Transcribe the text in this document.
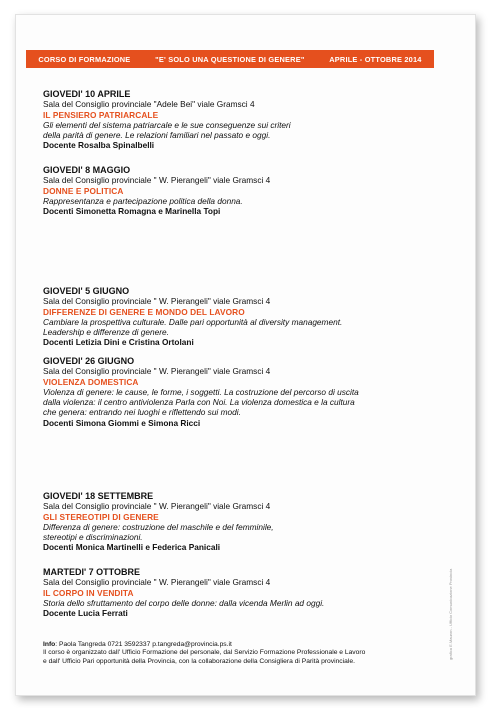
CORSO DI FORMAZIONE	"E' SOLO UNA QUESTIONE DI GENERE"	APRILE - OTTOBRE 2014
GIOVEDI' 10 APRILE
Sala del Consiglio provinciale "Adele Bei" viale Gramsci 4
IL PENSIERO PATRIARCALE
Gli elementi del sistema patriarcale e le sue conseguenze sui criteri
della parità di genere. Le relazioni familiari nel passato e oggi.
Docente Rosalba Spinalbelli
GIOVEDI' 8 MAGGIO
Sala del Consiglio provinciale " W. Pierangeli" viale Gramsci 4
DONNE E POLITICA
Rappresentanza e partecipazione politica della donna.
Docenti Simonetta Romagna e Marinella Topi
GIOVEDI' 5 GIUGNO
Sala del Consiglio provinciale " W. Pierangeli" viale Gramsci 4
DIFFERENZE DI GENERE E MONDO DEL LAVORO
Cambiare la prospettiva culturale. Dalle pari opportunità al diversity management.
Leadership e differenze di genere.
Docenti Letizia Dini e Cristina Ortolani
GIOVEDI' 26 GIUGNO
Sala del Consiglio provinciale " W. Pierangeli" viale Gramsci 4
VIOLENZA DOMESTICA
Violenza di genere: le cause, le forme, i soggetti. La costruzione del percorso di uscita
dalla violenza: il centro antiviolenza Parla con Noi. La violenza domestica e la cultura
che genera: entrando nei luoghi e riflettendo sui modi.
Docenti Simona Giommi e Simona Ricci
GIOVEDI' 18 SETTEMBRE
Sala del Consiglio provinciale " W. Pierangeli" viale Gramsci 4
GLI STEREOTIPI DI GENERE
Differenza di genere: costruzione del maschile e del femminile,
stereotipi e discriminazioni.
Docenti Monica Martinelli e Federica Panicali
MARTEDI' 7 OTTOBRE
Sala del Consiglio provinciale " W. Pierangeli" viale Gramsci 4
IL CORPO IN VENDITA
Storia dello sfruttamento del corpo delle donne: dalla vicenda Merlin ad oggi.
Docente Lucia Ferrati
Info: Paola Tangreda 0721 3592337 p.tangreda@provincia.ps.it
Il corso è organizzato dall' Ufficio Formazione del personale, dal Servizio Formazione Professionale e Lavoro
e dall' Ufficio Pari opportunità della Provincia, con la collaborazione della Consigliera di Parità provinciale.
grafica E.Mauron - Ufficio Comunicazione Provincia
